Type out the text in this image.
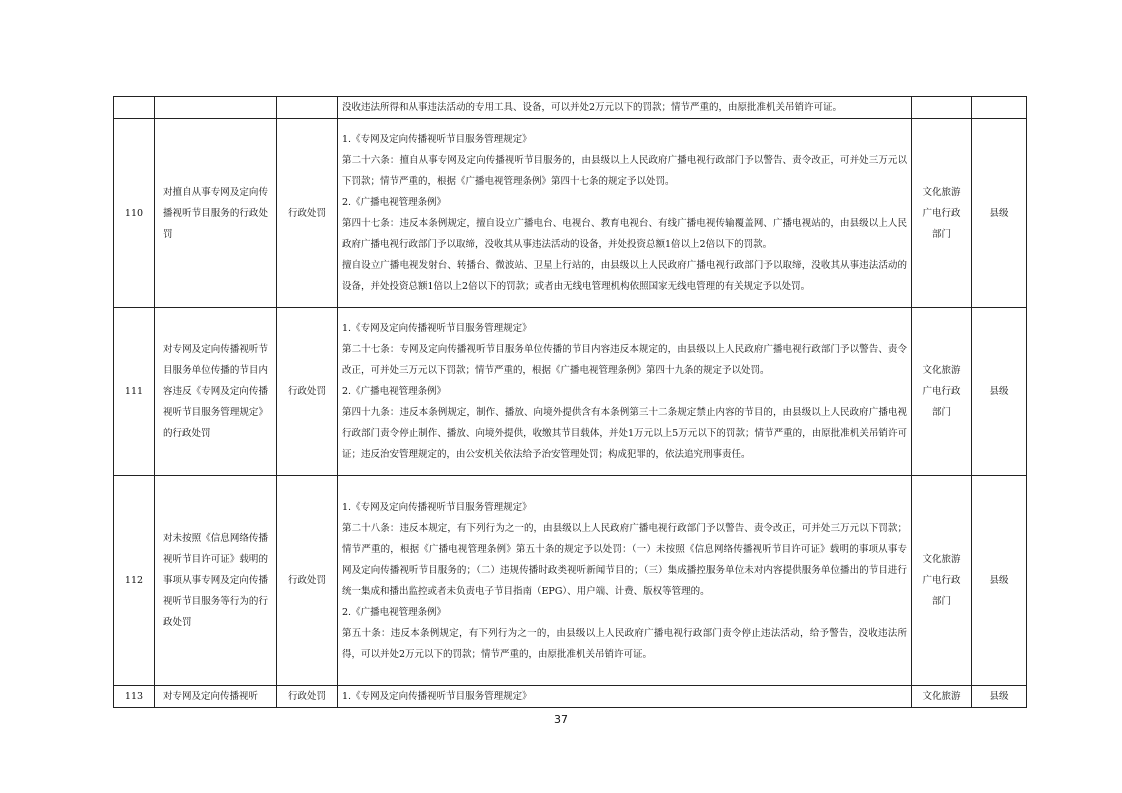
			没收违法所得和从事违法活动的专用工具、设备，可以并处2万元以下的罚款；情节严重的，由原批准机关吊销许可证。		

110	对擅自从事专网及定向传播视听节目服务的行政处罚	行政处罚	1.《专网及定向传播视听节目服务管理规定》

第二十六条：擅自从事专网及定向传播视听节目服务的，由县级以上人民政府广播电视行政部门予以警告、责令改正，可并处三万元以下罚款；情节严重的，根据《广播电视管理条例》第四十七条的规定予以处罚。

2.《广播电视管理条例》

第四十七条：违反本条例规定，擅自设立广播电台、电视台、教育电视台、有线广播电视传输覆盖网、广播电视站的，由县级以上人民政府广播电视行政部门予以取缔，没收其从事违法活动的设备，并处投资总额1倍以上2倍以下的罚款。

擅自设立广播电视发射台、转播台、微波站、卫星上行站的，由县级以上人民政府广播电视行政部门予以取缔，没收其从事违法活动的设备，并处投资总额1倍以上2倍以下的罚款；或者由无线电管理机构依照国家无线电管理的有关规定予以处罚。	文化旅游广电行政部门	县级
111	对专网及定向传播视听节目服务单位传播的节目内容违反《专网及定向传播视听节目服务管理规定》的行政处罚	行政处罚	1.《专网及定向传播视听节目服务管理规定》

第二十七条：专网及定向传播视听节目服务单位传播的节目内容违反本规定的，由县级以上人民政府广播电视行政部门予以警告、责令改正，可并处三万元以下罚款；情节严重的，根据《广播电视管理条例》第四十九条的规定予以处罚。

2.《广播电视管理条例》

第四十九条：违反本条例规定，制作、播放、向境外提供含有本条例第三十二条规定禁止内容的节目的，由县级以上人民政府广播电视行政部门责令停止制作、播放、向境外提供，收缴其节目载体，并处1万元以上5万元以下的罚款；情节严重的，由原批准机关吊销许可证；违反治安管理规定的，由公安机关依法给予治安管理处罚；构成犯罪的，依法追究刑事责任。	文化旅游广电行政部门	县级
112	对未按照《信息网络传播视听节目许可证》载明的事项从事专网及定向传播视听节目服务等行为的行政处罚	行政处罚	1.《专网及定向传播视听节目服务管理规定》

第二十八条：违反本规定，有下列行为之一的，由县级以上人民政府广播电视行政部门予以警告、责令改正，可并处三万元以下罚款；情节严重的，根据《广播电视管理条例》第五十条的规定予以处罚：（一）未按照《信息网络传播视听节目许可证》载明的事项从事专网及定向传播视听节目服务的；（二）违规传播时政类视听新闻节目的；（三）集成播控服务单位未对内容提供服务单位播出的节目进行统一集成和播出监控或者未负责电子节目指南（EPG）、用户端、计费、版权等管理的。

2.《广播电视管理条例》

第五十条：违反本条例规定，有下列行为之一的，由县级以上人民政府广播电视行政部门责令停止违法活动，给予警告，没收违法所得，可以并处2万元以下的罚款；情节严重的，由原批准机关吊销许可证。	文化旅游广电行政部门	县级
113	对专网及定向传播视听	行政处罚	1.《专网及定向传播视听节目服务管理规定》	文化旅游	县级
37
